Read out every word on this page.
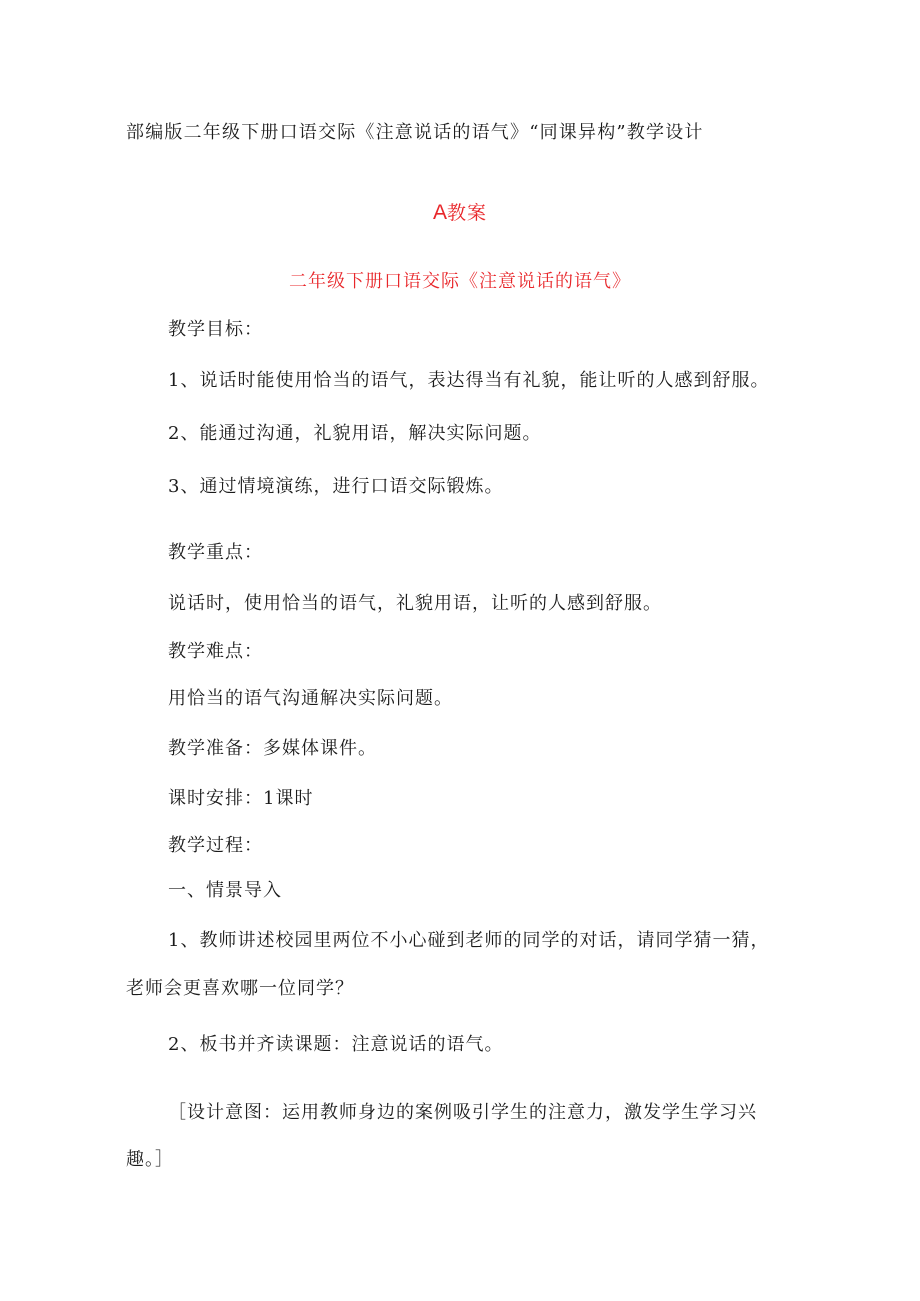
部编版二年级下册口语交际《注意说话的语气》“同课异构”教学设计
A教案
二年级下册口语交际《注意说话的语气》
教学目标：
1、说话时能使用恰当的语气，表达得当有礼貌，能让听的人感到舒服。
2、能通过沟通，礼貌用语，解决实际问题。
3、通过情境演练，进行口语交际锻炼。
教学重点：
说话时，使用恰当的语气，礼貌用语，让听的人感到舒服。
教学难点：
用恰当的语气沟通解决实际问题。
教学准备：多媒体课件。
课时安排：1课时
教学过程：
一、情景导入
1、教师讲述校园里两位不小心碰到老师的同学的对话，请同学猜一猜，
老师会更喜欢哪一位同学？
2、板书并齐读课题：注意说话的语气。
［设计意图：运用教师身边的案例吸引学生的注意力，激发学生学习兴
趣。］
